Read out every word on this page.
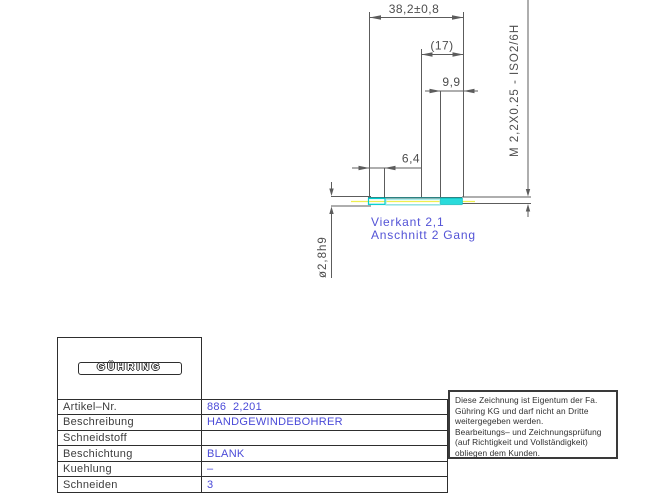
38,2±0,8
(17)
9,9
6,4
M 2,2X0.25 - ISO2/6H
ø2,8h9
Vierkant 2,1
Anschnitt 2 Gang

GÜHRING	

Artikel–Nr.	886  2,201
Beschreibung	HANDGEWINDEBOHRER
Schneidstoff	
Beschichtung	BLANK
Kuehlung	–
Schneiden	3
Diese Zeichnung ist Eigentum der Fa.
Gühring KG und darf nicht an Dritte
weitergegeben werden.
Bearbeitungs– und Zeichnungsprüfung
(auf Richtigkeit und Vollständigkeit)
obliegen dem Kunden.
